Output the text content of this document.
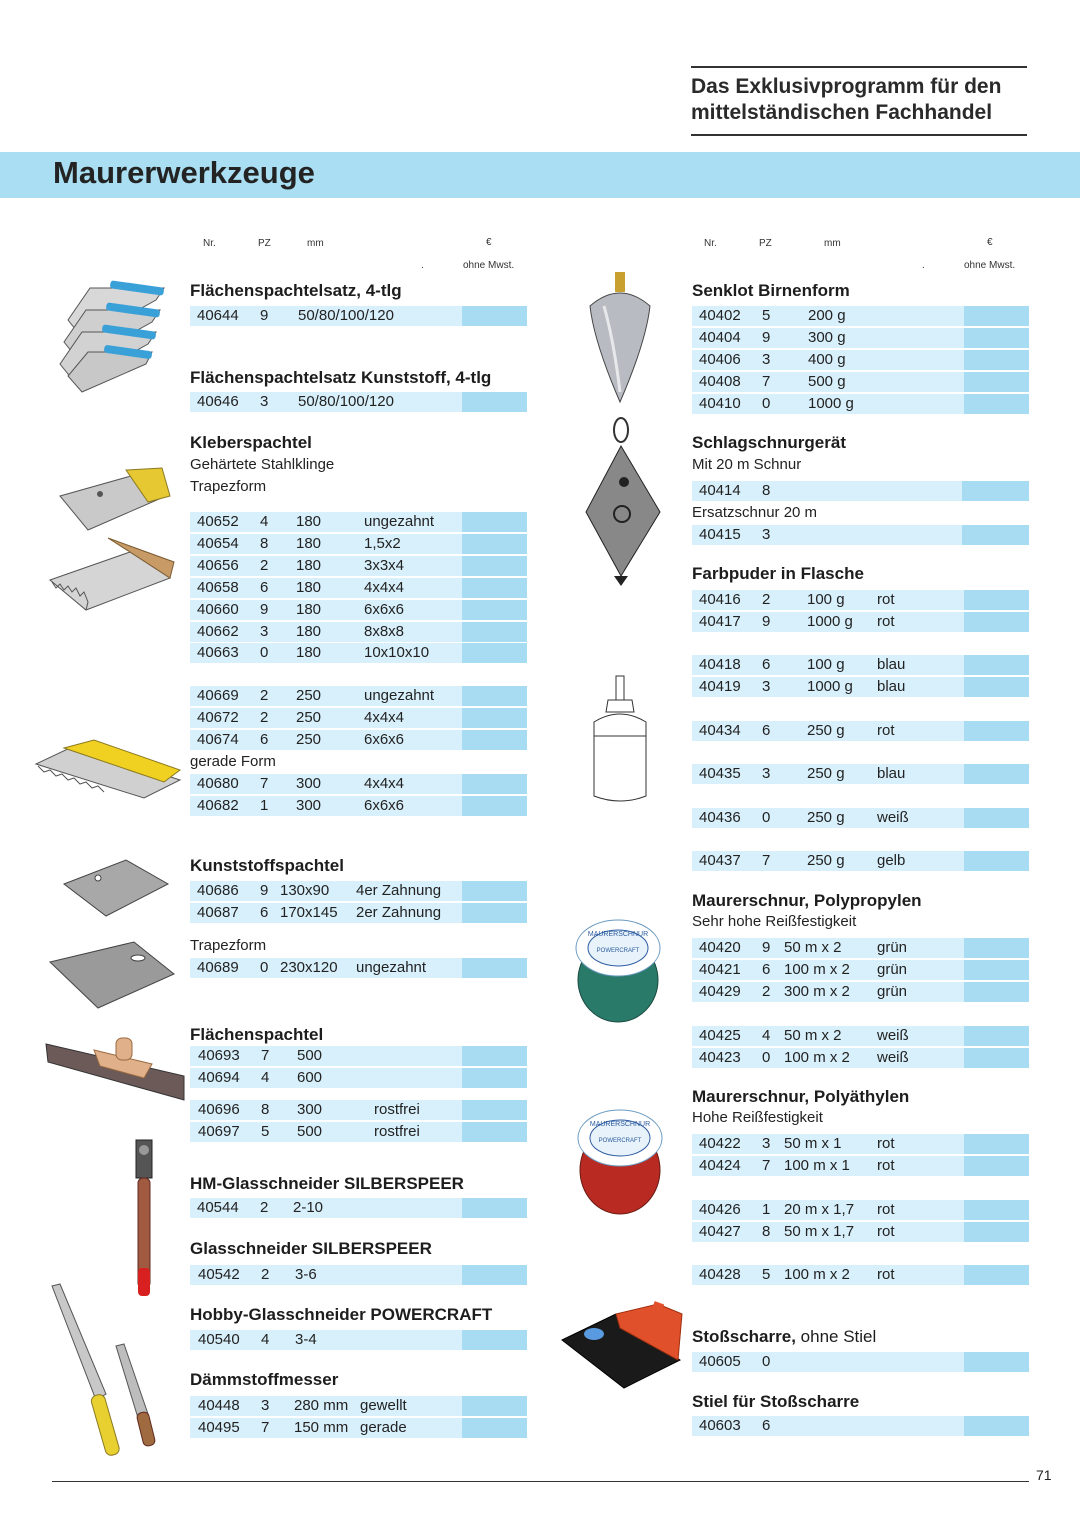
Das Exklusivprogramm für den
mittelständischen Fachhandel
Maurerwerkzeuge
Nr.	PZ	mm	€
.	ohne Mwst.
Nr.	PZ	mm	€
.	ohne Mwst.
Flächenspachtelsatz, 4-tlg
Flächenspachtelsatz Kunststoff, 4-tlg
Kleberspachtel
Gehärtete Stahlklinge
Trapezform
gerade Form
Kunststoffspachtel
Trapezform
Flächenspachtel
HM-Glasschneider SILBERSPEER
Glasschneider SILBERSPEER
Hobby-Glasschneider POWERCRAFT
Dämmstoffmesser
Senklot Birnenform
Schlagschnurgerät
Mit 20 m Schnur
Ersatzschnur 20 m
Farbpuder in Flasche
Maurerschnur, Polypropylen
Sehr hohe Reißfestigkeit
Maurerschnur, Polyäthylen
Hohe Reißfestigkeit
Stoßscharre, ohne Stiel
Stiel für Stoßscharre
40644 9 50/80/100/120
40646 3 50/80/100/120
40652 4 180	ungezahnt
40654 8 180	1,5x2
40656 2 180	3x3x4
40658 6 180	4x4x4
40660 9 180	6x6x6
40662 3 180	8x8x8
40663 0 180	10x10x10
40669 2 250	ungezahnt
40672 2 250	4x4x4
40674 6 250	6x6x6
40680 7 300	4x4x4
40682 1 300	6x6x6
40686 9 130x90 4er Zahnung
40687 6 170x145 2er Zahnung
40689 0 230x120 ungezahnt
40693 7 500
40694 4 600
40696 8 300	rostfrei
40697 5 500	rostfrei
40544 2 2-10
40542 2 3-6
40540 4 3-4
40448 3 280 mm gewellt
40495 7 150 mm gerade
40402 5	200 g
40404 9	300 g
40406 3	400 g
40408 7	500 g
40410 0	1000 g
40414 8
40415 3
40416 2 100 g rot
40417 9 1000 g rot
40418 6 100 g blau
40419 3 1000 g blau
40434 6 250 g rot
40435 3 250 g blau
40436 0 250 g weiß
40437 7 250 g gelb
40420 9 50 m x 2 grün
40421 6 100 m x 2 grün
40429 2 300 m x 2 grün
40425 4 50 m x 2 weiß
40423 0 100 m x 2 weiß
40422 3 50 m x 1 rot
40424 7 100 m x 1 rot
40426 1 20 m x 1,7 rot
40427 8 50 m x 1,7 rot
40428 5 100 m x 2 rot
40605 0
40603 6
MAURERSCHNUR
POWERCRAFT
MAURERSCHNUR
POWERCRAFT
71
